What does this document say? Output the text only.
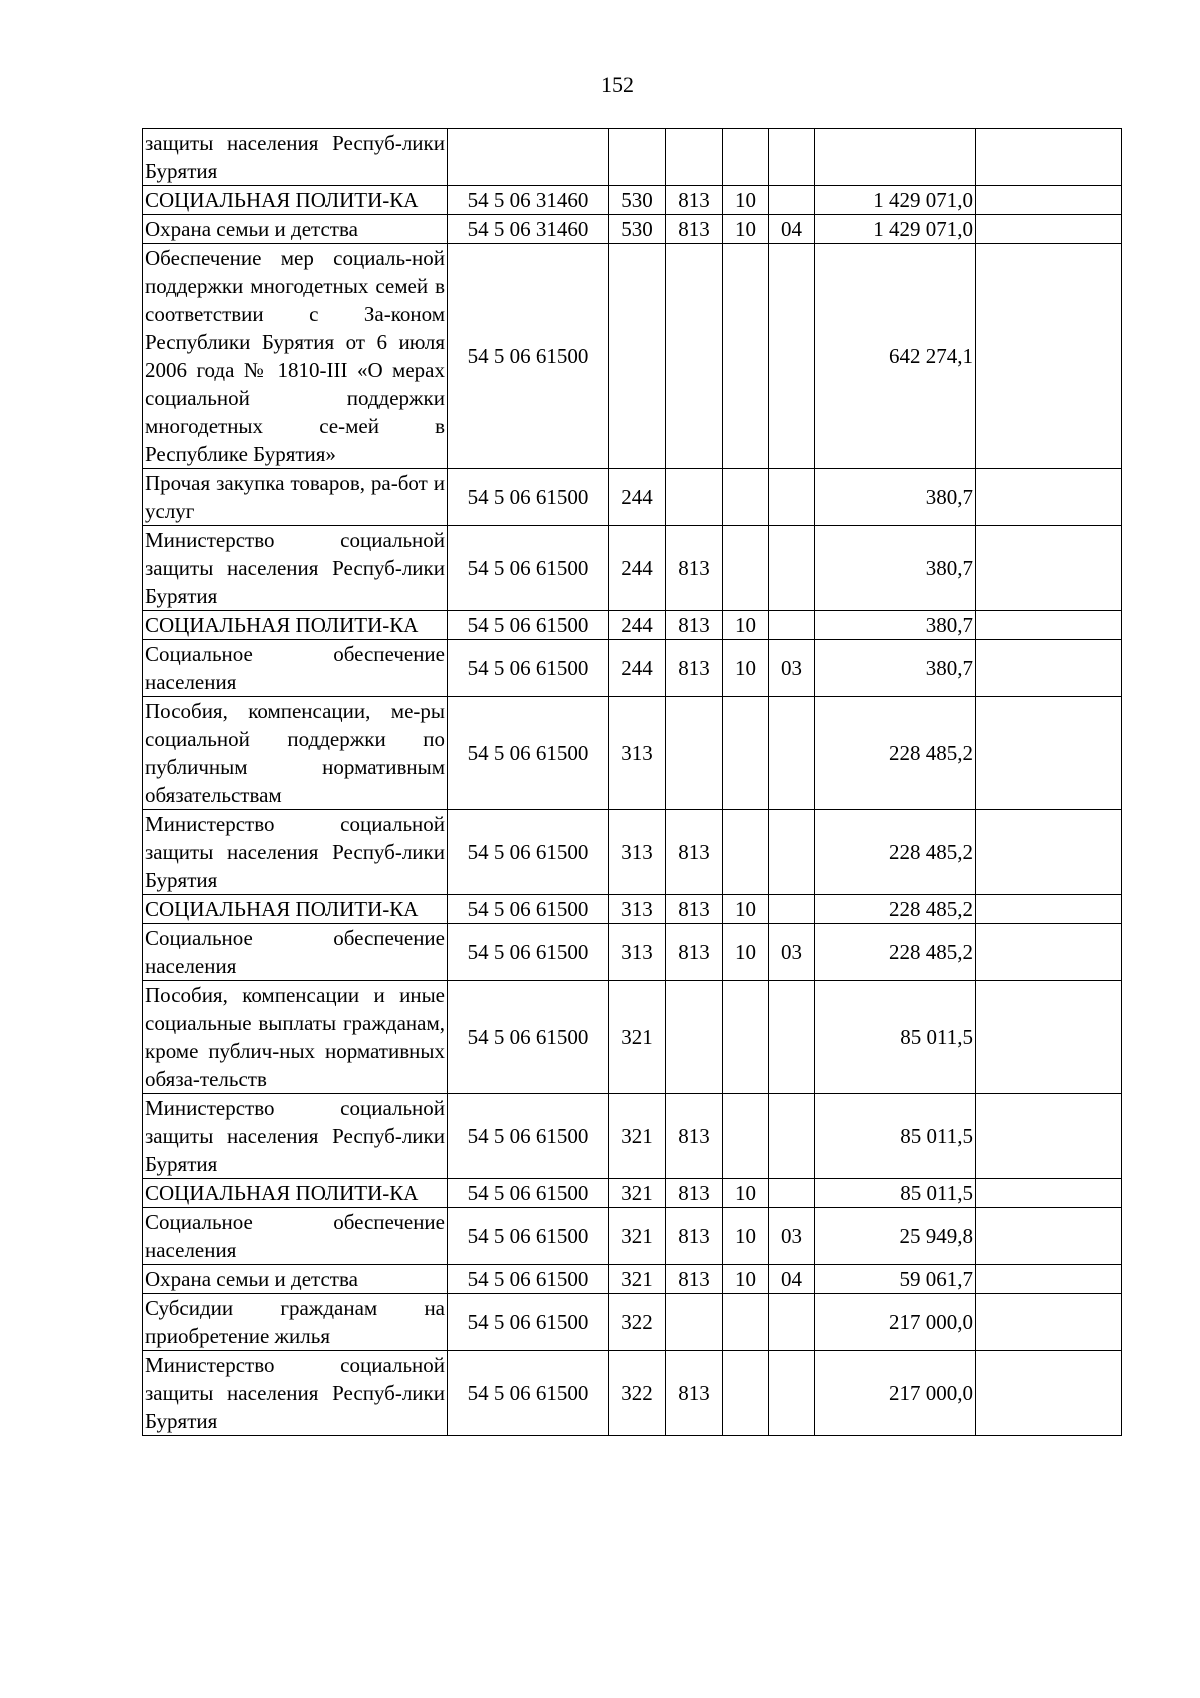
152
защиты населения Респуб-лики Бурятия							
СОЦИАЛЬНАЯ ПОЛИТИ-КА	54 5 06 31460	530	813	10		1 429 071,0	
Охрана семьи и детства	54 5 06 31460	530	813	10	04	1 429 071,0	
Обеспечение мер социаль-ной поддержки многодетных семей в соответствии с За-коном Республики Бурятия от 6 июля 2006 года № 1810-III «О мерах социальной поддержки многодетных се-мей в Республике Бурятия»	54 5 06 61500					642 274,1	
Прочая закупка товаров, ра-бот и услуг	54 5 06 61500	244				380,7	
Министерство социальной защиты населения Респуб-лики Бурятия	54 5 06 61500	244	813			380,7	
СОЦИАЛЬНАЯ ПОЛИТИ-КА	54 5 06 61500	244	813	10		380,7	
Социальное обеспечение населения	54 5 06 61500	244	813	10	03	380,7	
Пособия, компенсации, ме-ры социальной поддержки по публичным нормативным обязательствам	54 5 06 61500	313				228 485,2	
Министерство социальной защиты населения Респуб-лики Бурятия	54 5 06 61500	313	813			228 485,2	
СОЦИАЛЬНАЯ ПОЛИТИ-КА	54 5 06 61500	313	813	10		228 485,2	
Социальное обеспечение населения	54 5 06 61500	313	813	10	03	228 485,2	
Пособия, компенсации и иные социальные выплаты гражданам, кроме публич-ных нормативных обяза-тельств	54 5 06 61500	321				85 011,5	
Министерство социальной защиты населения Респуб-лики Бурятия	54 5 06 61500	321	813			85 011,5	
СОЦИАЛЬНАЯ ПОЛИТИ-КА	54 5 06 61500	321	813	10		85 011,5	
Социальное обеспечение населения	54 5 06 61500	321	813	10	03	25 949,8	
Охрана семьи и детства	54 5 06 61500	321	813	10	04	59 061,7	
Субсидии гражданам на приобретение жилья	54 5 06 61500	322				217 000,0	
Министерство социальной защиты населения Респуб-лики Бурятия	54 5 06 61500	322	813			217 000,0	
